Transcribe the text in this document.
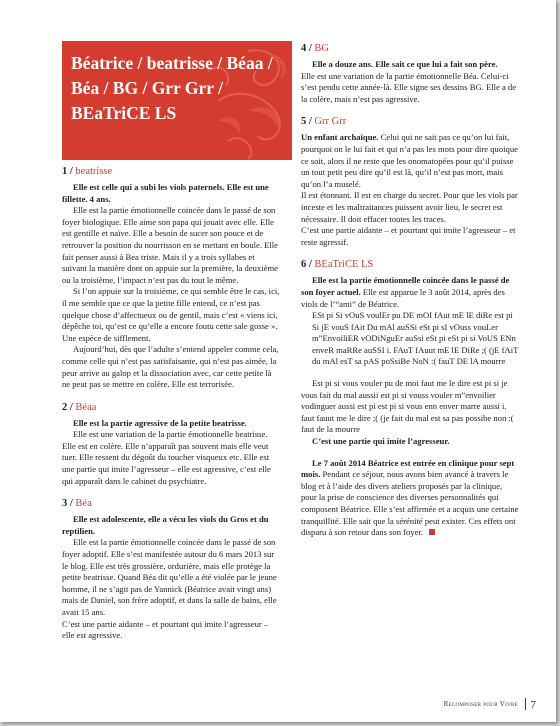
Béatrice / beatrisse / Béaa / Béa / BG / Grr Grr / BEaTriCE LS
1 / beatrisse

Elle est celle qui a subi les viols paternels. Elle est une fillette. 4 ans.

Elle est la partie émotionnelle coincée dans le passé de son foyer biologique. Elle aime son papa qui jouait avec elle. Elle est gentille et naïve. Elle a besoin de sucer son pouce et de retrouver la position du nourrisson en se mettant en boule. Elle fait penser aussi à Bea triste. Mais il y a trois syllabes et suivant la manière dont on appuie sur la première, la deuxième ou la troisième, l’impact n’est pas du tout le même.

Si l’on appuie sur la troisième, ce qui semble être le cas, ici, il me semble que ce que la petite fille entend, ce n’est pas quelque chose d’affectueux ou de gentil, mais c’est « viens ici, dépêche toi, qu’est ce qu’elle a encore foutu cette sale gosse ». Une espèce de sifflement.

Aujourd’hui, dès que l’adulte s’entend appeler comme cela, comme celle qui n’est pas satisfaisante, qui n’est pas aimée, la peur arrive au galop et la dissociation avec, car cette petite là ne peut pas se mettre en colère. Elle est terrorisée.

2 / Béaa

Elle est la partie agressive de la petite beatrisse.

Elle est une variation de la partie émotionnelle beatrisse. Elle est en colère. Elle n’apparaît pas souvent mais elle veut tuer. Elle ressent du dégoût du toucher visqueux etc. Elle est une partie qui imite l’agresseur – elle est agressive, c’est elle qui apparaît dans le cabinet du psychiatre.

3 / Béa

Elle est adolescente, elle a vécu les viols du Gros et du reptilien.

Elle est la partie émotionnelle coincée dans le passé de son foyer adoptif. Elle s’est manifestée autour du 6 mars 2013 sur le blog. Elle est très grossière, ordurière, mais elle protège la petite beatrisse. Quand Béa dit qu’elle a été violée par le jeune homme, il ne s’agit pas de Yannick (Béatrice avait vingt ans) mais de Daniel, son frère adoptif, et dans la salle de bains, elle avait 15 ans.

C’est une partie aidante – et pourtant qui imite l’agresseur – elle est agressive.

4 / BG

Elle a douze ans. Elle sait ce que lui a fait son père.

Elle est une variation de la partie émotionnelle Béa. Celui-ci s’est pendu cette année-là. Elle signe ses dessins BG. Elle a de la colère, mais n’est pas agressive.

5 / Grr Grr

Un enfant archaïque. Celui qui ne sait pas ce qu’on lui fait, pourquoi on le lui fait et qui n’a pas les mots pour dire quoique ce soit, alors il ne reste que les onomatopées pour qu’il puisse un tout petit peu dire qu’il est là, qu’il n’est pas mort, mais qu’on l’a muselé.

Il est étonnant. Il est en charge du secret. Pour que les viols par inceste et les maltraitances puissent avoir lieu, le secret est nécessaire. Il doit effacer toutes les traces.

C’est une partie aidante – et pourtant qui imite l’agresseur – et reste agressif.

6 / BEaTriCE LS

Elle est la partie émotionnelle coincée dans le passé de son foyer actuel. Elle est apparue le 3 août 2014, après des viols de l’“ami” de Béatrice.

ESt pi Si vOuS voulEr pu DE mOI fAut mE lE diRe est pi Si jE vouS fAit Du mAl auSSi eSt pi sI vOuss vouLer m”EnvoiliER vODiNguEr auSsi eSt pi eSt pi si VoUS ENn envеR maRRe auSSI i. FAuT fAuut mE lE DiRe ;( (jE fAiT du mAl esT sa pAS poSsiBe NoN :( fauT DE lA mourre

Est pi si vous vouler pu de moi faut me le dire est pi si je vous fait du mal aussii est pi si vouss vouler m”envoilier vodinguer aussi est pi est pi si vous enn enver marre aussi i. faut fauut me le dire ;( (je fait du mal est sa pas possibe non :( faut de la mourre

C’est une partie qui imite l’agresseur.

Le 7 août 2014 Béatrice est entrée en clinique pour sept mois. Pendant ce séjour, nous avons bien avancé à travers le blog et à l’aide des divers ateliers proposés par la clinique, pour la prise de conscience des diverses personnalités qui composent Béatrice. Elle s’est affirmée et a acquis une certaine tranquillité. Elle sait que la sérénité peut exister. Ces effets ont disparu à son retour dans son foyer.

Recomposer pour Vivre 7
